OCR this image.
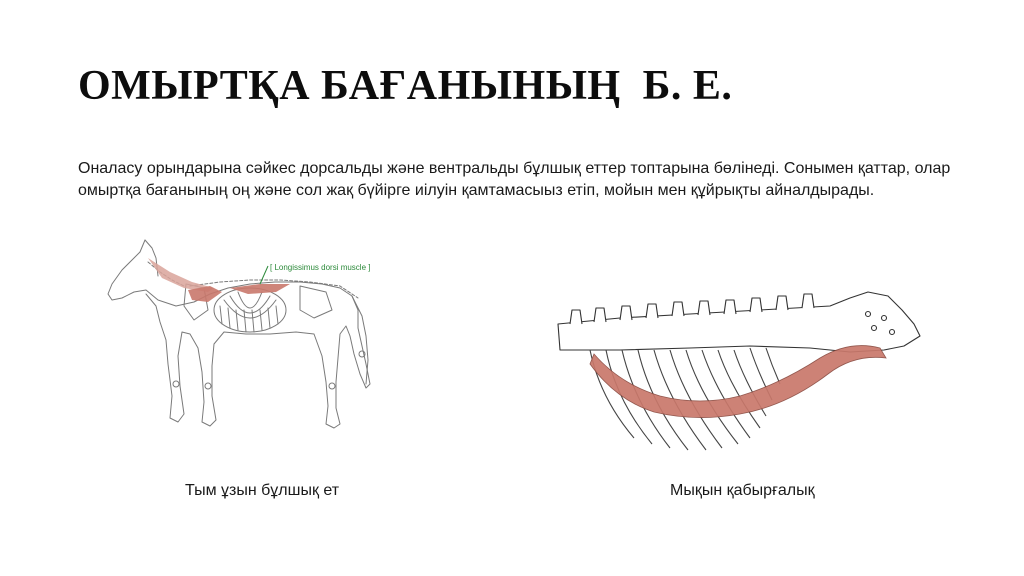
ОМЫРТҚА БАҒАНЫНЫҢ  Б. Е.
Оналасу орындарына сәйкес дорсальды және вентральды бұлшық еттер топтарына бөлінеді. Сонымен қаттар, олар омыртқа бағанының оң және сол жақ бүйірге иілуін қамтамасыыз етіп, мойын мен құйрықты айналдырады.
[ Longissimus dorsi muscle ]
Тым ұзын бұлшық ет	Мықын қабырғалық
